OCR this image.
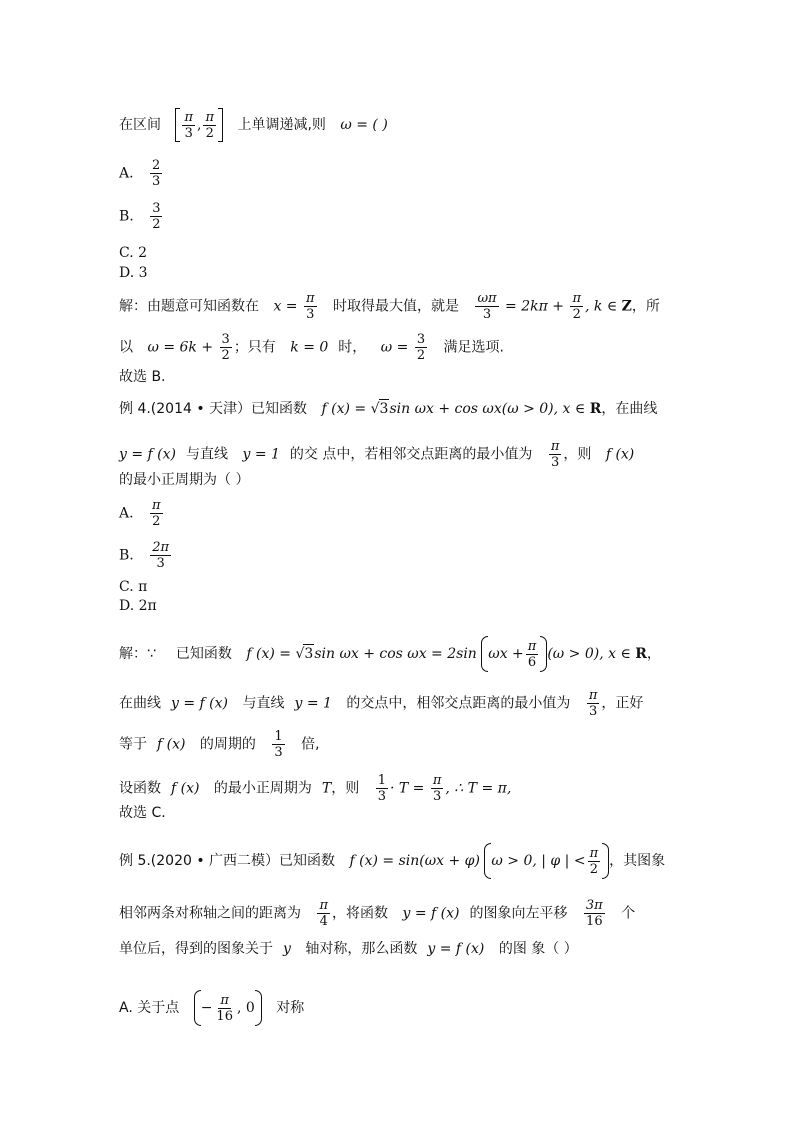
在区间 $\frac{\pi}{3}$ , $\frac{\pi}{2}$ 上单调递减,则 ω = ( )
A. $\frac{2}{3}$
B. $\frac{3}{2}$
C. 2
D. 3
解：由题意可知函数在 $x = \frac{\pi}{3}$ 时取得最大值，就是 $\frac{\omega\pi}{3} = 2k\pi + \frac{\pi}{2}$ , k ∈ Z，所
以 $\omega = 6k + \frac{3}{2}$ ；只有 k = 0 时， $\omega = \frac{3}{2}$ 满足选项.
故选 B.
例 4.(2014 • 天津）已知函数 f (x) = √3sin ωx + cos ωx(ω > 0), x ∈ R，在曲线
y = f (x) 与直线 y = 1 的交 点中，若相邻交点距离的最小值为 $\frac{\pi}{3}$ ，则 f (x)
的最小正周期为（ ）
A. $\frac{\pi}{2}$
B. $\frac{2\pi}{3}$
C. π
D. 2π
解：∵ 已知函数 f (x) = √3sin ωx + cos ωx = 2sin $\omega x + \frac{\pi}{6} (\omega > 0)$, x ∈ R，
在曲线 y = f (x) 与直线 y = 1 的交点中，相邻交点距离的最小值为 $\frac{\pi}{3}$ ，正好
等于 f (x) 的周期的 $\frac{1}{3}$ 倍,
设函数 f (x) 的最小正周期为 T，则 $\frac{1}{3} \cdot T = \frac{\pi}{3}$ , ∴ T = π,
故选 C.
例 5.(2020 • 广西二模）已知函数 f (x) = sin(ωx + φ) ω > 0, | φ | < $\frac{\pi}{2}$ ，其图象
相邻两条对称轴之间的距离为 $\frac{\pi}{4}$ ，将函数 y = f (x) 的图象向左平移 $\frac{3\pi}{16}$ 个
单位后，得到的图象关于 y 轴对称，那么函数 y = f (x) 的图 象（ ）
A. 关于点 − $\frac{\pi}{16}$ , 0 对称
